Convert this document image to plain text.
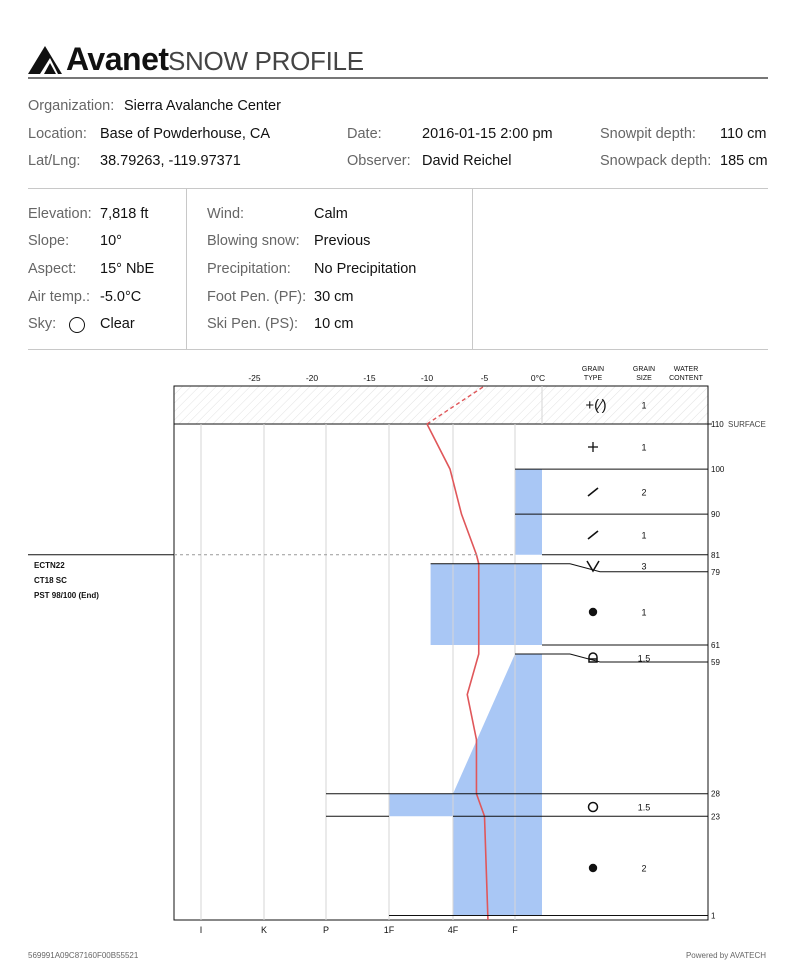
Avanet SNOW PROFILE
Organization: Sierra Avalanche Center
Location: Base of Powderhouse, CA	Date:	2016-01-15 2:00 pm	Snowpit depth: 110 cm
Lat/Lng: 38.79263, -119.97371	Observer: David Reichel	Snowpack depth: 185 cm
Elevation: 7,818 ft
Slope: 10°
Aspect: 15° NbE
Air temp.: -5.0°C
Sky:	Clear
Wind:	Calm
Blowing snow: Previous
Precipitation: No Precipitation
Foot Pen. (PF): 30 cm
Ski Pen. (PS): 10 cm
1
2
1
3
1
1.5
1.5
2
+(⁄)	1
110
100
90
81
79
61
59
28
23
1
SURFACE
-25	-20	-15	-10	-5	0°C
I	K	P	1F	4F	F
GRAIN
TYPE
GRAIN
SIZE
WATER
CONTENT
ECTN22
CT18 SC
PST 98/100 (End)
569991A09C87160F00B55521	Powered by AVATECH
